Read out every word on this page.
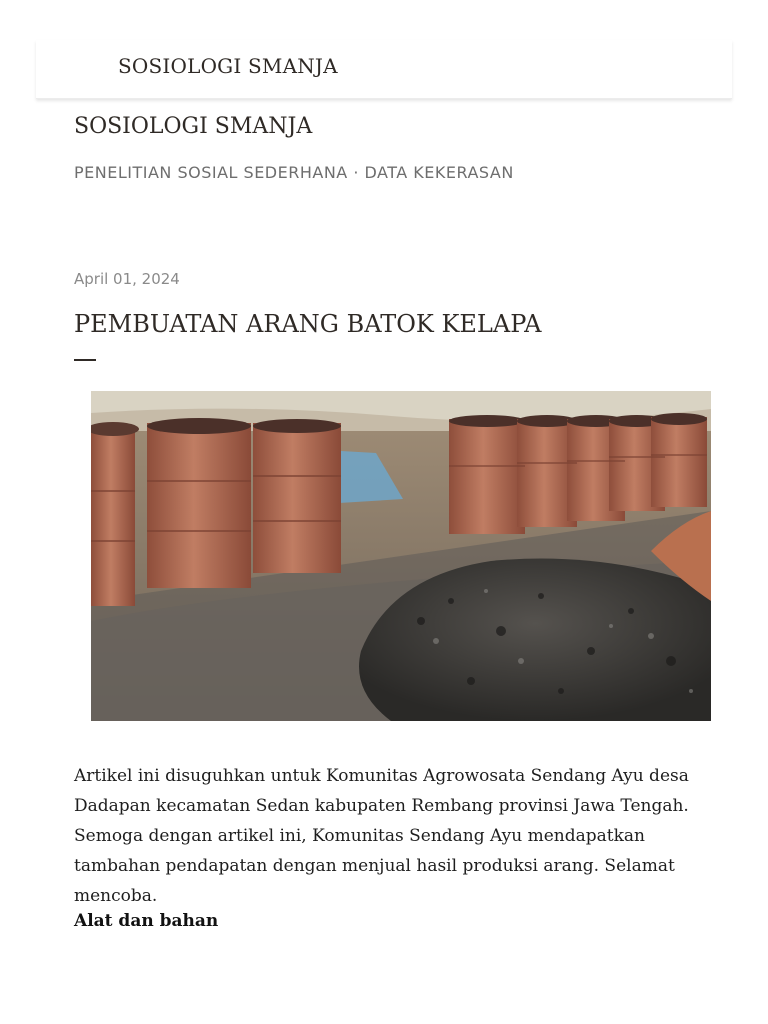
SOSIOLOGI SMANJA
SOSIOLOGI SMANJA
PENELITIAN SOSIAL SEDERHANA · DATA KEKERASAN
April 01, 2024
PEMBUATAN ARANG BATOK KELAPA

Artikel ini disuguhkan untuk Komunitas Agrowosata Sendang Ayu desa Dadapan kecamatan Sedan kabupaten Rembang provinsi Jawa Tengah. Semoga dengan artikel ini, Komunitas Sendang Ayu mendapatkan tambahan pendapatan dengan menjual hasil produksi arang. Selamat mencoba.

Alat dan bahan
